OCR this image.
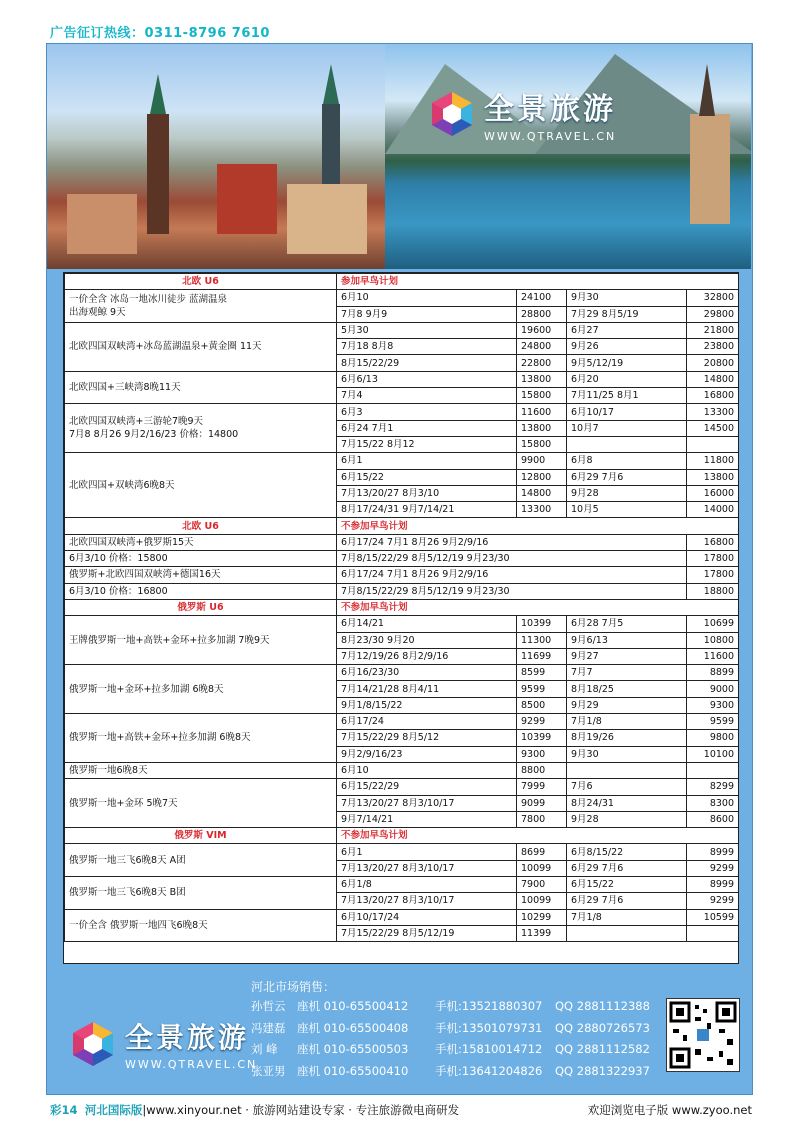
广告征订热线：0311-8796 7610
全景旅游
WWW.QTRAVEL.CN
北欧 U6	参加早鸟计划			

一价全含 冰岛一地冰川徒步 蓝湖温泉
出海观鲸 9天	6月10	24100	9月30	32800
	7月8 9月9	28800	7月29 8月5/19	29800

北欧四国双峡湾+冰岛蓝湖温泉+黄金圈 11天	5月30	19600	6月27	21800
	7月18 8月8	24800	9月26	23800
	8月15/22/29	22800	9月5/12/19	20800

北欧四国+三峡湾8晚11天	6月6/13	13800	6月20	14800
	7月4	15800	7月11/25 8月1	16800

北欧四国双峡湾+三游轮7晚9天
7月8 8月26 9月2/16/23 价格：14800	6月3	11600	6月10/17	13300
	6月24 7月1	13800	10月7	14500
	7月15/22 8月12	15800		

北欧四国+双峡湾6晚8天	6月1	9900	6月8	11800
	6月15/22	12800	6月29 7月6	13800
	7月13/20/27 8月3/10	14800	9月28	16000
	8月17/24/31 9月7/14/21	13300	10月5	14000
北欧 U6	不参加早鸟计划			
北欧四国双峡湾+俄罗斯15天	6月17/24 7月1 8月26 9月2/9/16			16800
6月3/10 价格：15800	7月8/15/22/29 8月5/12/19 9月23/30			17800
俄罗斯+北欧四国双峡湾+德国16天	6月17/24 7月1 8月26 9月2/9/16			17800
6月3/10 价格：16800	7月8/15/22/29 8月5/12/19 9月23/30			18800
俄罗斯 U6	不参加早鸟计划			

王牌俄罗斯一地+高铁+金环+拉多加湖 7晚9天	6月14/21	10399	6月28 7月5	10699
	8月23/30 9月20	11300	9月6/13	10800
	7月12/19/26 8月2/9/16	11699	9月27	11600

俄罗斯一地+金环+拉多加湖 6晚8天	6月16/23/30	8599	7月7	8899
	7月14/21/28 8月4/11	9599	8月18/25	9000
	9月1/8/15/22	8500	9月29	9300

俄罗斯一地+高铁+金环+拉多加湖 6晚8天	6月17/24	9299	7月1/8	9599
	7月15/22/29 8月5/12	10399	8月19/26	9800
	9月2/9/16/23	9300	9月30	10100

俄罗斯一地6晚8天	6月10	8800		

俄罗斯一地+金环 5晚7天	6月15/22/29	7999	7月6	8299
	7月13/20/27 8月3/10/17	9099	8月24/31	8300
	9月7/14/21	7800	9月28	8600
俄罗斯 VIM	不参加早鸟计划			

俄罗斯一地三飞6晚8天 A团	6月1	8699	6月8/15/22	8999
	7月13/20/27 8月3/10/17	10099	6月29 7月6	9299

俄罗斯一地三飞6晚8天 B团	6月1/8	7900	6月15/22	8999
	7月13/20/27 8月3/10/17	10099	6月29 7月6	9299

一价全含 俄罗斯一地四飞6晚8天	6月10/17/24	10299	7月1/8	10599
	7月15/22/29 8月5/12/19	11399		
河北市场销售：
孙哲云 座机 010-65500412 手机:13521880307 QQ 2881112388
冯建磊 座机 010-65500408 手机:13501079731 QQ 2880726573
刘 峰 座机 010-65500503 手机:15810014712 QQ 2881112582
张亚男 座机 010-65500410 手机:13641204826 QQ 2881322937
全景旅游
WWW.QTRAVEL.CN
彩14 河北国际版|www.xinyour.net · 旅游网站建设专家 · 专注旅游微电商研发	欢迎浏览电子版 www.zyoo.net
